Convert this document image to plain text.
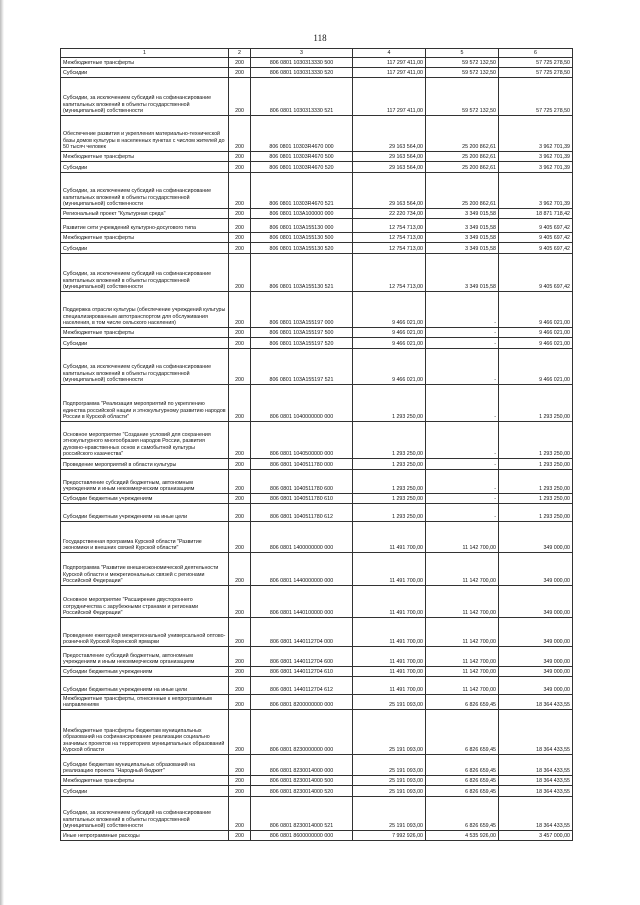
118
1	2	3	4	5	6
Межбюджетные трансферты	200	806 0801 1030313330 500	117 297 411,00	59 572 132,50	57 725 278,50
Субсидии	200	806 0801 1030313330 520	117 297 411,00	59 572 132,50	57 725 278,50
Субсидии, за исключением субсидий на софинансирование капитальных вложений в объекты государственной (муниципальной) собственности	200	806 0801 1030313330 521	117 297 411,00	59 572 132,50	57 725 278,50
Обеспечение развития и укрепления материально-технической базы домов культуры в населенных пунктах с числом жителей до 50 тысяч человек	200	806 0801 10303R4670 000	29 163 564,00	25 200 862,61	3 962 701,39
Межбюджетные трансферты	200	806 0801 10303R4670 500	29 163 564,00	25 200 862,61	3 962 701,39
Субсидии	200	806 0801 10303R4670 520	29 163 564,00	25 200 862,61	3 962 701,39
Субсидии, за исключением субсидий на софинансирование капитальных вложений в объекты государственной (муниципальной) собственности	200	806 0801 10303R4670 521	29 163 564,00	25 200 862,61	3 962 701,39
Региональный проект "Культурная среда"	200	806 0801 103A100000 000	22 220 734,00	3 349 015,58	18 871 718,42
Развитие сети учреждений культурно-досугового типа	200	806 0801 103A155130 000	12 754 713,00	3 349 015,58	9 405 697,42
Межбюджетные трансферты	200	806 0801 103A155130 500	12 754 713,00	3 349 015,58	9 405 697,42
Субсидии	200	806 0801 103A155130 520	12 754 713,00	3 349 015,58	9 405 697,42
Субсидии, за исключением субсидий на софинансирование капитальных вложений в объекты государственной (муниципальной) собственности	200	806 0801 103A155130 521	12 754 713,00	3 349 015,58	9 405 697,42
Поддержка отрасли культуры (обеспечение учреждений культуры специализированным автотранспортом для обслуживания населения, в том числе сельского населения)	200	806 0801 103A155197 000	9 466 021,00	-	9 466 021,00
Межбюджетные трансферты	200	806 0801 103A155197 500	9 466 021,00	-	9 466 021,00
Субсидии	200	806 0801 103A155197 520	9 466 021,00	-	9 466 021,00
Субсидии, за исключением субсидий на софинансирование капитальных вложений в объекты государственной (муниципальной) собственности	200	806 0801 103A155197 521	9 466 021,00	-	9 466 021,00
Подпрограмма "Реализация мероприятий по укреплению единства российской нации и этнокультурному развитию народов России в Курской области"	200	806 0801 1040000000 000	1 293 250,00	-	1 293 250,00
Основное мероприятие "Создание условий для сохранения этнокультурного многообразия народов России, развития духовно-нравственных основ и самобытной культуры российского казачества"	200	806 0801 1040500000 000	1 293 250,00	-	1 293 250,00
Проведение мероприятий в области культуры	200	806 0801 1040511780 000	1 293 250,00	-	1 293 250,00
Предоставление субсидий бюджетным, автономным учреждениям и иным некоммерческим организациям	200	806 0801 1040511780 600	1 293 250,00	-	1 293 250,00
Субсидии бюджетным учреждениям	200	806 0801 1040511780 610	1 293 250,00	-	1 293 250,00
Субсидии бюджетным учреждениям на иные цели	200	806 0801 1040511780 612	1 293 250,00	-	1 293 250,00
Государственная программа Курской области "Развитие экономики и внешних связей Курской области"	200	806 0801 1400000000 000	11 491 700,00	11 142 700,00	349 000,00
Подпрограмма "Развитие внешнеэкономической деятельности Курской области и межрегиональных связей с регионами Российской Федерации"	200	806 0801 1440000000 000	11 491 700,00	11 142 700,00	349 000,00
Основное мероприятие "Расширение двустороннего сотрудничества с зарубежными странами и регионами Российской Федерации"	200	806 0801 1440100000 000	11 491 700,00	11 142 700,00	349 000,00
Проведение ежегодной межрегиональной универсальной оптово-розничной Курской Коренской ярмарки	200	806 0801 1440112704 000	11 491 700,00	11 142 700,00	349 000,00
Предоставление субсидий бюджетным, автономным учреждениям и иным некоммерческим организациям	200	806 0801 1440112704 600	11 491 700,00	11 142 700,00	349 000,00
Субсидии бюджетным учреждениям	200	806 0801 1440112704 610	11 491 700,00	11 142 700,00	349 000,00
Субсидии бюджетным учреждениям на иные цели	200	806 0801 1440112704 612	11 491 700,00	11 142 700,00	349 000,00
Межбюджетные трансферты, отнесенные к непрограммным направлениям	200	806 0801 8200000000 000	25 191 093,00	6 826 659,45	18 364 433,55
Межбюджетные трансферты бюджетам муниципальных образований на софинансирование реализации социально значимых проектов на территориях муниципальных образований Курской области	200	806 0801 8230000000 000	25 191 093,00	6 826 659,45	18 364 433,55
Субсидии бюджетам муниципальных образований на реализацию проекта "Народный бюджет"	200	806 0801 8230014000 000	25 191 093,00	6 826 659,45	18 364 433,55
Межбюджетные трансферты	200	806 0801 8230014000 500	25 191 093,00	6 826 659,45	18 364 433,55
Субсидии	200	806 0801 8230014000 520	25 191 093,00	6 826 659,45	18 364 433,55
Субсидии, за исключением субсидий на софинансирование капитальных вложений в объекты государственной (муниципальной) собственности	200	806 0801 8230014000 521	25 191 093,00	6 826 659,45	18 364 433,55
Иные непрограммные расходы	200	806 0801 8600000000 000	7 992 926,00	4 535 926,00	3 457 000,00
